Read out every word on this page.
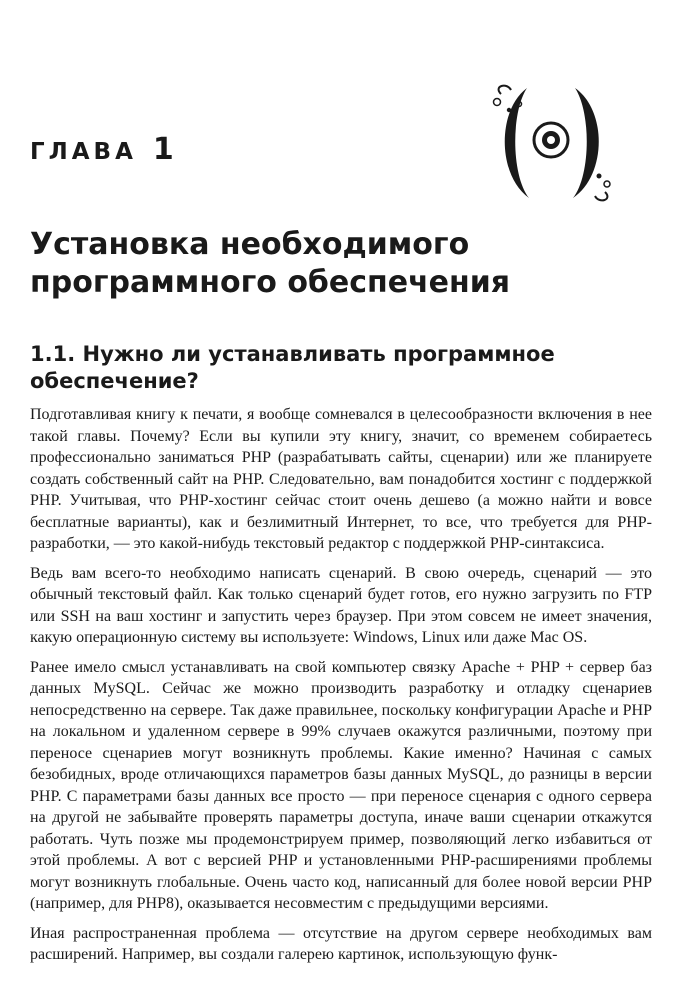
ГЛАВА 1
Установка необходимого программного обеспечения
1.1. Нужно ли устанавливать программное обеспечение?

Подготавливая книгу к печати, я вообще сомневался в целесообразности включения в нее такой главы. Почему? Если вы купили эту книгу, значит, со временем собираетесь профессионально заниматься PHP (разрабатывать сайты, сценарии) или же планируете создать собственный сайт на PHP. Следовательно, вам понадобится хостинг с поддержкой PHP. Учитывая, что PHP-хостинг сейчас стоит очень дешево (а можно найти и вовсе бесплатные варианты), как и безлимитный Интернет, то все, что требуется для PHP-разработки, — это какой-нибудь текстовый редактор с поддержкой PHP-синтаксиса.

Ведь вам всего-то необходимо написать сценарий. В свою очередь, сценарий — это обычный текстовый файл. Как только сценарий будет готов, его нужно загрузить по FTP или SSH на ваш хостинг и запустить через браузер. При этом совсем не имеет значения, какую операционную систему вы используете: Windows, Linux или даже Mac OS.

Ранее имело смысл устанавливать на свой компьютер связку Apache + PHP + сервер баз данных MySQL. Сейчас же можно производить разработку и отладку сценариев непосредственно на сервере. Так даже правильнее, поскольку конфигурации Apache и PHP на локальном и удаленном сервере в 99% случаев окажутся различными, поэтому при переносе сценариев могут возникнуть проблемы. Какие именно? Начиная с самых безобидных, вроде отличающихся параметров базы данных MySQL, до разницы в версии PHP. С параметрами базы данных все просто — при переносе сценария с одного сервера на другой не забывайте проверять параметры доступа, иначе ваши сценарии откажутся работать. Чуть позже мы продемонстрируем пример, позволяющий легко избавиться от этой проблемы. А вот с версией PHP и установленными PHP-расширениями проблемы могут возникнуть глобальные. Очень часто код, написанный для более новой версии PHP (например, для PHP8), оказывается несовместим с предыдущими версиями.

Иная распространенная проблема — отсутствие на другом сервере необходимых вам расширений. Например, вы создали галерею картинок, использующую функ-
